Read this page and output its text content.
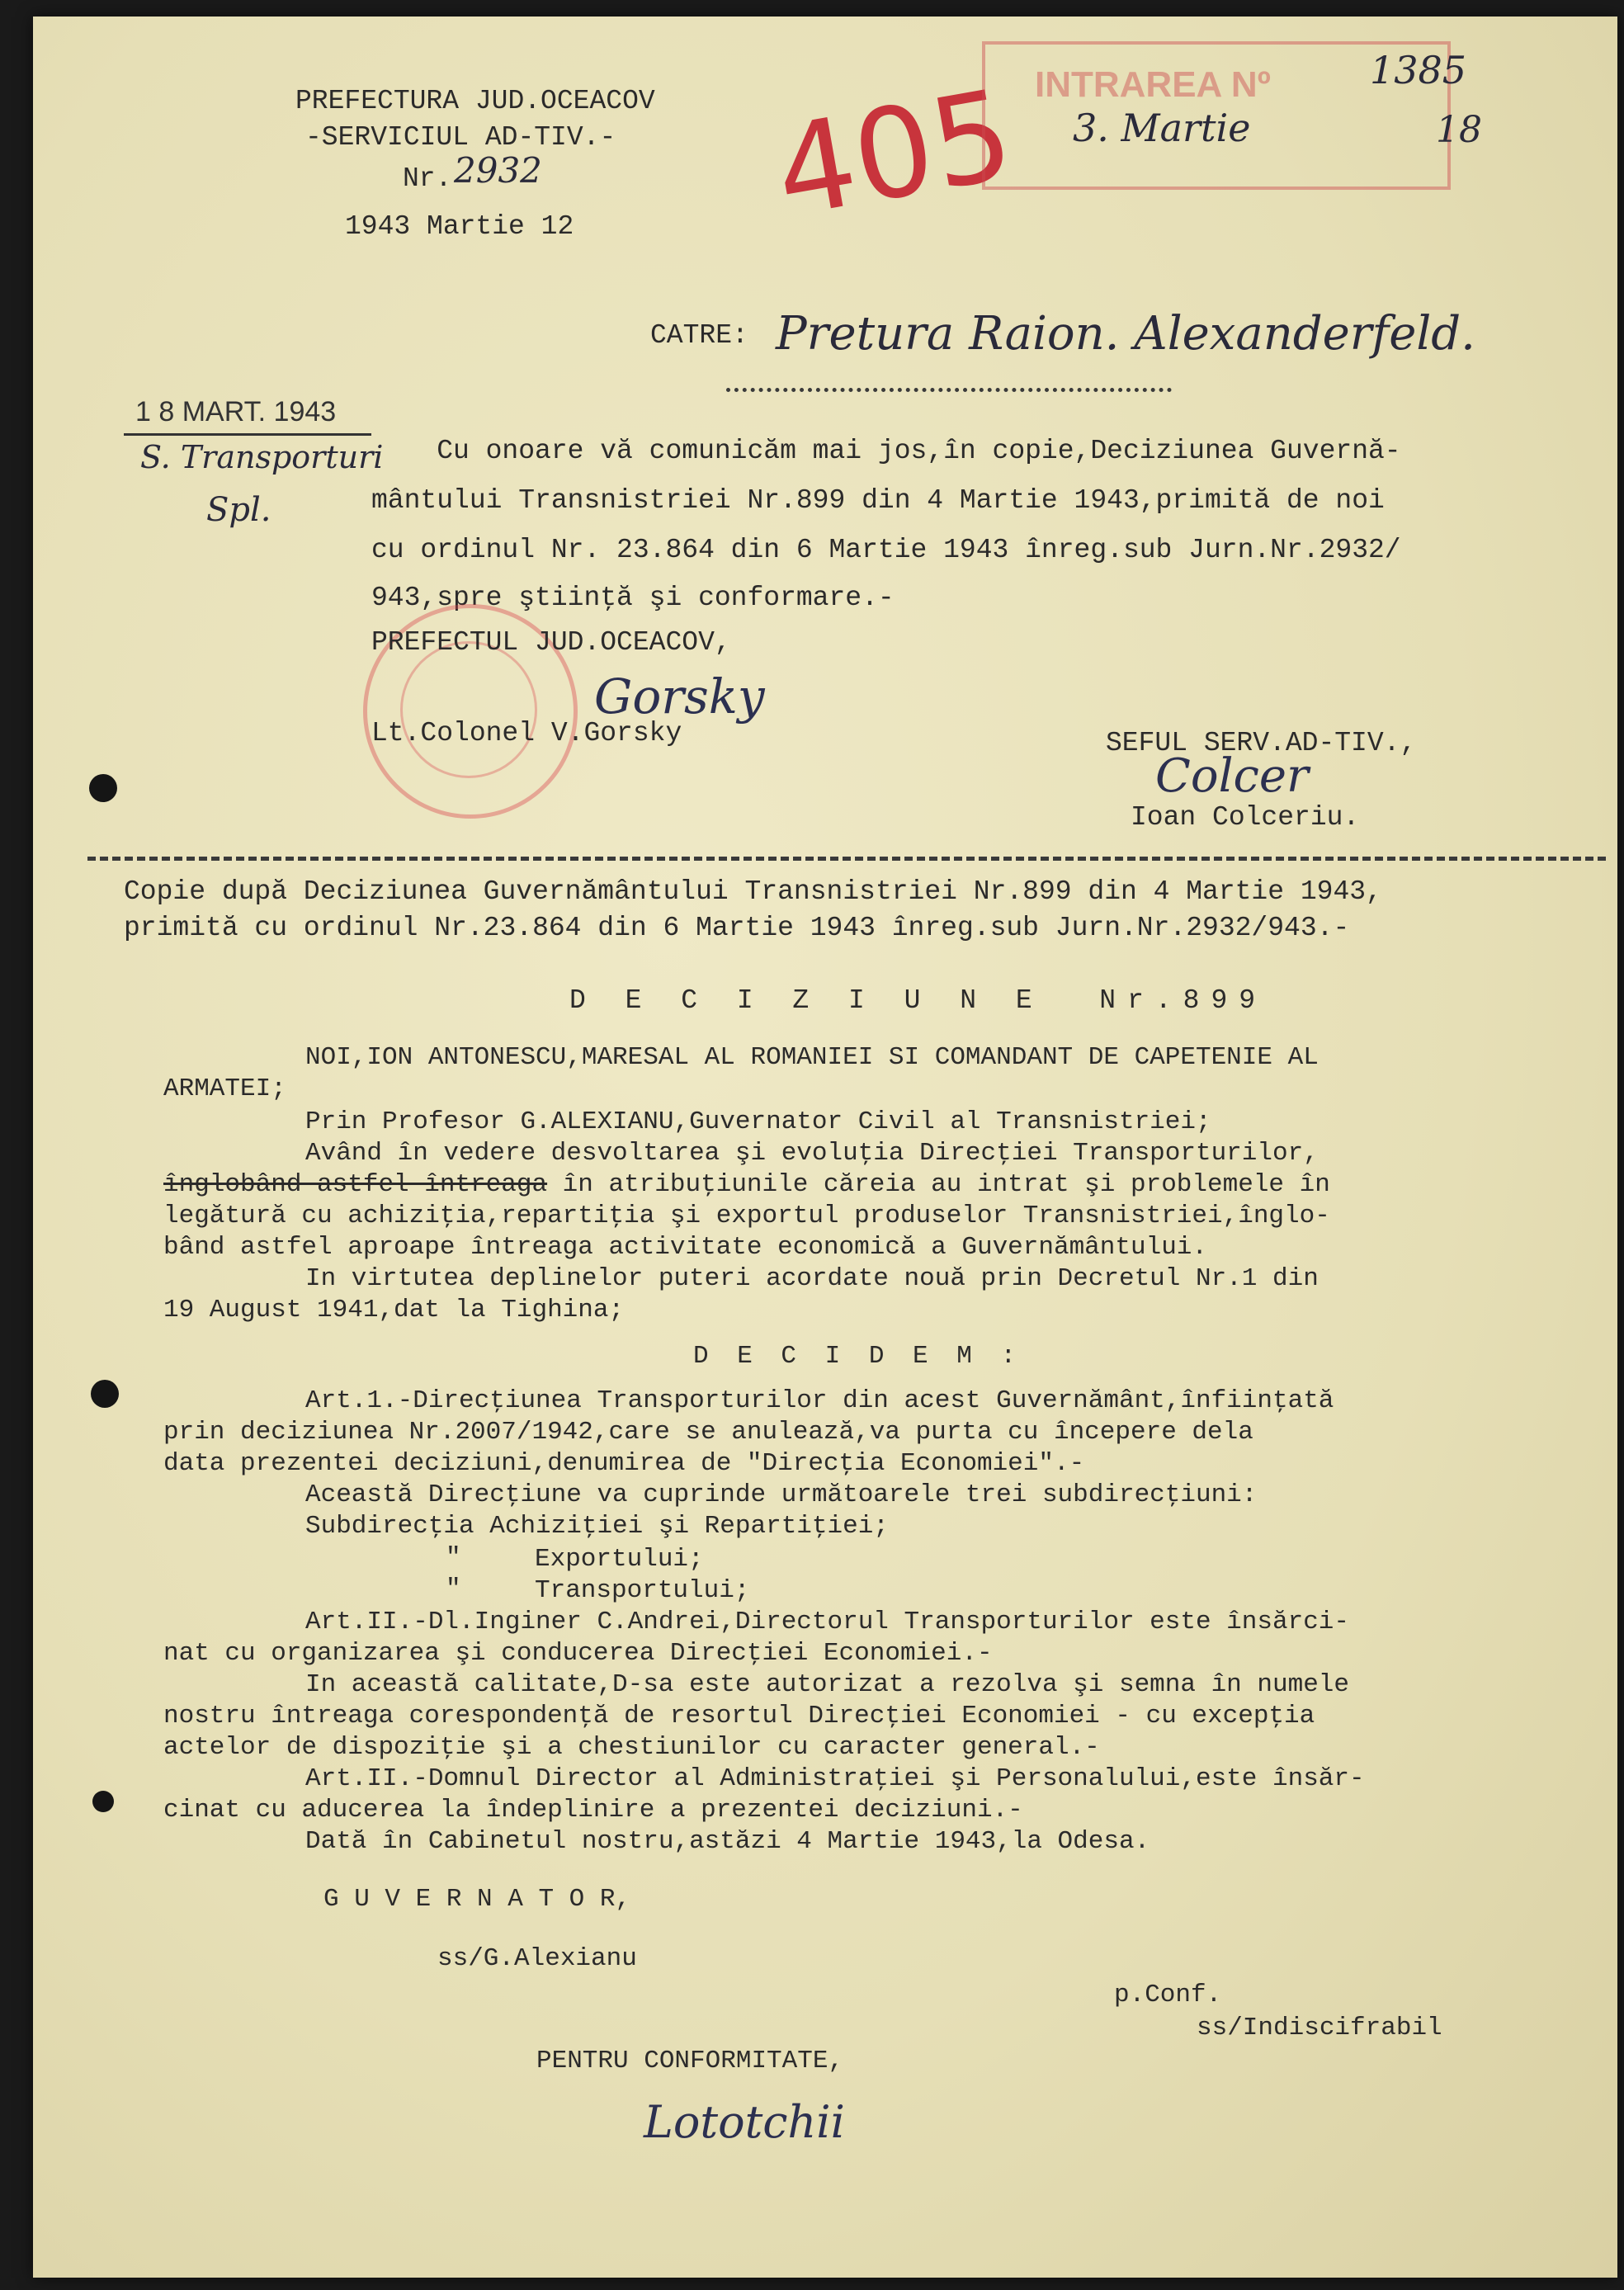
PREFECTURA JUD.OCEACOV
-SERVICIUL AD-TIV.-
Nr. 2932
1943 Martie 12 405 INTRAREA Nº	1385
3. Martie	18
CATRE: Pretura Raion. Alexanderfeld.
1 8 MART. 1943
S. Transporturi
Spl.
Cu onoare vă comunicăm mai jos,în copie,Deciziunea Guvernă-
mântului Transnistriei Nr.899 din 4 Martie 1943,primită de noi
cu ordinul Nr. 23.864 din 6 Martie 1943 înreg.sub Jurn.Nr.2932/
943,spre ştiinţă şi conformare.-
PREFECTUL JUD.OCEACOV,
Gorsky
Lt.Colonel V.Gorsky	SEFUL SERV.AD-TIV.,
Colcer
Ioan Colceriu.
Copie după Deciziunea Guvernământului Transnistriei Nr.899 din 4 Martie 1943,
primită cu ordinul Nr.23.864 din 6 Martie 1943 înreg.sub Jurn.Nr.2932/943.-
D E C I Z I U N E  Nr.899
NOI,ION ANTONESCU,MARESAL AL ROMANIEI SI COMANDANT DE CAPETENIE AL
ARMATEI;
Prin Profesor G.ALEXIANU,Guvernator Civil al Transnistriei;
Având în vedere desvoltarea şi evoluţia Direcţiei Transporturilor,
înglobând astfel întreaga în atribuţiunile căreia au intrat şi problemele în
legătură cu achiziţia,repartiţia şi exportul produselor Transnistriei,înglo-
bând astfel aproape întreaga activitate economică a Guvernământului.
In virtutea deplinelor puteri acordate nouă prin Decretul Nr.1 din
19 August 1941,dat la Tighina;
D E C I D E M :
Art.1.-Direcţiunea Transporturilor din acest Guvernământ,înfiinţată
prin deciziunea Nr.2007/1942,care se anulează,va purta cu începere dela
data prezentei deciziuni,denumirea de "Direcţia Economiei".-
Această Direcţiune va cuprinde următoarele trei subdirecţiuni:
Subdirecţia Achiziţiei şi Repartiţiei;
"	Exportului;
"	Transportului;
Art.II.-Dl.Inginer C.Andrei,Directorul Transporturilor este însărci-
nat cu organizarea şi conducerea Direcţiei Economiei.-
In această calitate,D-sa este autorizat a rezolva şi semna în numele
nostru întreaga corespondenţă de resortul Direcţiei Economiei - cu excepţia
actelor de dispoziţie şi a chestiunilor cu caracter general.-
Art.II.-Domnul Director al Administraţiei şi Personalului,este însăr-
cinat cu aducerea la îndeplinire a prezentei deciziuni.-
Dată în Cabinetul nostru,astăzi 4 Martie 1943,la Odesa.
G U V E R N A T O R,
ss/G.Alexianu
p.Conf.
ss/Indiscifrabil
PENTRU CONFORMITATE,
Lototchii
